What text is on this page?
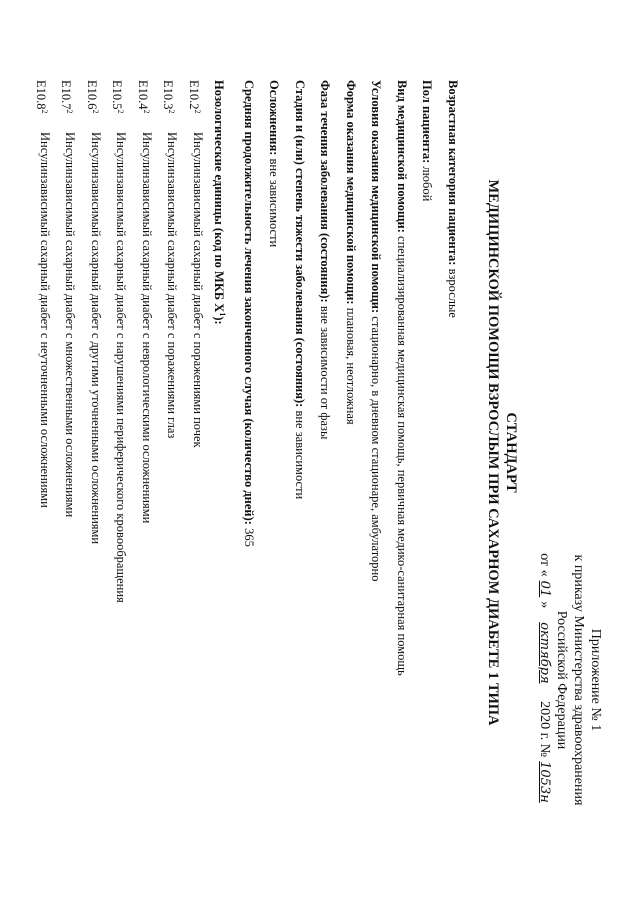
Приложение № 1
к приказу Министерства здравоохранения
Российской Федерации
от «01»октября 2020 г. №1053н
СТАНДАРТ
МЕДИЦИНСКОЙ ПОМОЩИ ВЗРОСЛЫМ ПРИ САХАРНОМ ДИАБЕТЕ 1 ТИПА
Возрастная категория пациента: взрослые
Пол пациента: любой
Вид медицинской помощи: специализированная медицинская помощь, первичная медико-санитарная помощь
Условия оказания медицинской помощи: стационарно, в дневном стационаре, амбулаторно
Форма оказания медицинской помощи: плановая, неотложная
Фаза течения заболевания (состояния): вне зависимости от фазы
Стадия и (или) степень тяжести заболевания (состояния): вне зависимости
Осложнения: вне зависимости
Средняя продолжительность лечения законченного случая (количество дней): 365
Нозологические единицы (код по МКБ $X^1$):
E10.2$^2$
Инсулинзависимый сахарный диабет с поражениями почек
E10.3$^2$
Инсулинзависимый сахарный диабет с поражениями глаз
E10.4$^2$
Инсулинзависимый сахарный диабет с неврологическими осложнениями
E10.5$^2$
Инсулинзависимый сахарный диабет с нарушениями периферического кровообращения
E10.6$^2$
Инсулинзависимый сахарный диабет с другими уточненными осложнениями
E10.7$^2$
Инсулинзависимый сахарный диабет с множественными осложнениями
E10.8$^2$
Инсулинзависимый сахарный диабет с неуточненными осложнениями
